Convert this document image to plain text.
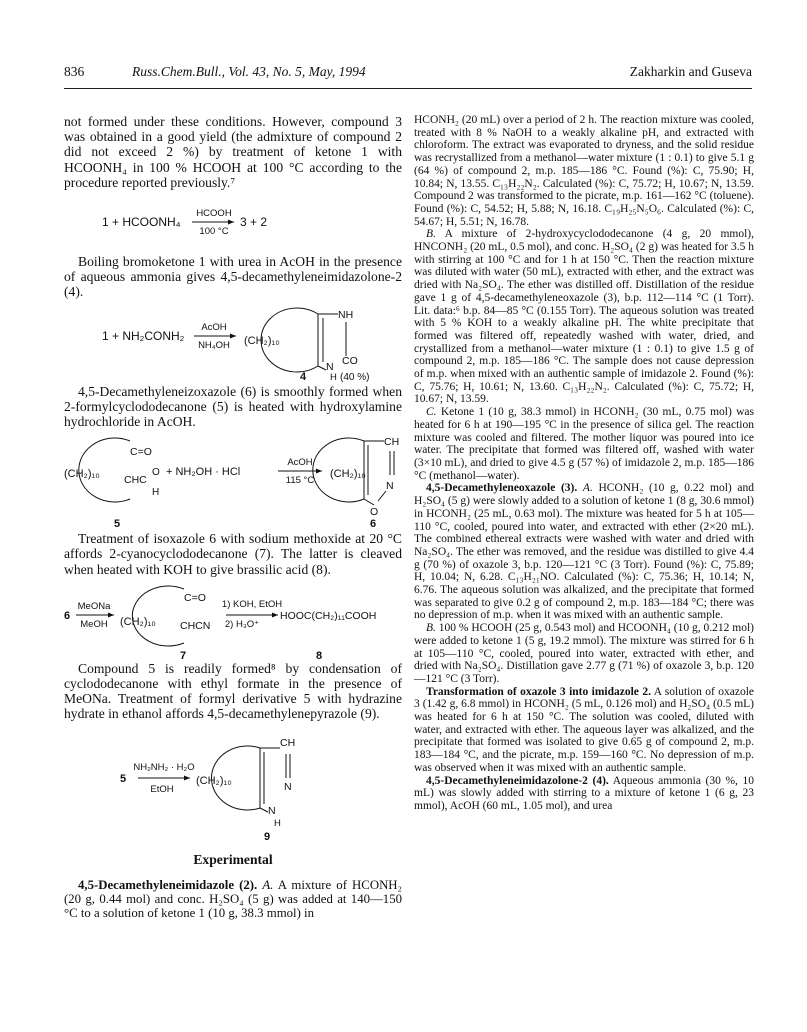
836	Russ.Chem.Bull., Vol. 43, No. 5, May, 1994	Zakharkin and Guseva

not formed under these conditions. However, compound 3 was obtained in a good yield (the admixture of compound 2 did not exceed 2 %) by treatment of ketone 1 with HCOONH₄ in 100 % HCOOH at 100 °C according to the procedure reported previously.⁷

1 + HCOONH₄
HCOOH
100 °C
3 + 2

Boiling bromoketone 1 with urea in AcOH in the presence of aqueous ammonia gives 4,5-decamethyleneimidazolone-2 (4).

1 + NH₂CONH₂
AcOH
NH₄OH (CH₂)₁₀
NH
N CO
H
4	(40 %)

4,5-Decamethyleneizoxazole (6) is smoothly formed when 2-formylcyclododecanone (5) is heated with hydroxylamine hydrochloride in AcOH.

(CH₂)₁₀
C=O
CHC
O
H
+ NH₂OH · HCl
AcOH
115 °C
(CH₂)₁₀
CH
N
O
5	6

Treatment of isoxazole 6 with sodium methoxide at 20 °C affords 2-cyanocyclododecanone (7). The latter is cleaved when heated with KOH to give brassilic acid (8).

6
MeONa
MeOH (CH₂)₁₀
C=O
CHCN
1) KOH, EtOH
2) H₃O⁺
HOOC(CH₂)₁₁COOH
7	8

Compound 5 is readily formed⁸ by condensation of cyclododecanone with ethyl formate in the presence of MeONa. Treatment of formyl derivative 5 with hydrazine hydrate in ethanol affords 4,5-decamethylenepyrazole (9).

5
NH₂NH₂ · H₂O
EtOH
(CH₂)₁₀
CH
N
N
H
9

Experimental

4,5-Decamethyleneimidazole (2). A. A mixture of HCONH₂ (20 g, 0.44 mol) and conc. H₂SO₄ (5 g) was added at 140—150 °C to a solution of ketone 1 (10 g, 38.3 mmol) in

HCONH₂ (20 mL) over a period of 2 h. The reaction mixture was cooled, treated with 8 % NaOH to a weakly alkaline pH, and extracted with chloroform. The extract was evaporated to dryness, and the solid residue was recrystallized from a methanol—water mixture (1 : 0.1) to give 5.1 g (64 %) of compound 2, m.p. 185—186 °C. Found (%): C, 75.90; H, 10.84; N, 13.55. C₁₃H₂₂N₂. Calculated (%): C, 75.72; H, 10.67; N, 13.59. Compound 2 was transformed to the picrate, m.p. 161—162 °C (toluene). Found (%): C, 54.52; H, 5.88; N, 16.18. C₁₉H₂₅N₅O₆. Calculated (%): C, 54.67; H, 5.51; N, 16.78.

B. A mixture of 2-hydroxycyclododecanone (4 g, 20 mmol), HNCONH₂ (20 mL, 0.5 mol), and conc. H₂SO₄ (2 g) was heated for 3.5 h with stirring at 100 °C and for 1 h at 150 °C. Then the reaction mixture was diluted with water (50 mL), extracted with ether, and the extract was dried with Na₂SO₄. The ether was distilled off. Distillation of the residue gave 1 g of 4,5-decamethyleneoxazole (3), b.p. 112—114 °C (1 Torr). Lit. data:⁶ b.p. 84—85 °C (0.155 Torr). The aqueous solution was treated with 5 % KOH to a weakly alkaline pH. The white precipitate that formed was filtered off, repeatedly washed with water, dried, and crystallized from a methanol—water mixture (1 : 0.1) to give 1.5 g of compound 2, m.p. 185—186 °C. The sample does not cause depression of m.p. when mixed with an authentic sample of imidazole 2. Found (%): C, 75.76; H, 10.61; N, 13.60. C₁₃H₂₂N₂. Calculated (%): C, 75.72; H, 10.67; N, 13.59.

C. Ketone 1 (10 g, 38.3 mmol) in HCONH₂ (30 mL, 0.75 mol) was heated for 6 h at 190—195 °C in the presence of silica gel. The reaction mixture was cooled and filtered. The mother liquor was poured into ice water. The precipitate that formed was filtered off, washed with water (3×10 mL), and dried to give 4.5 g (57 %) of imidazole 2, m.p. 185—186 °C (methanol—water).

4,5-Decamethyleneoxazole (3). A. HCONH₂ (10 g, 0.22 mol) and H₂SO₄ (5 g) were slowly added to a solution of ketone 1 (8 g, 30.6 mmol) in HCONH₂ (25 mL, 0.63 mol). The mixture was heated for 5 h at 105—110 °C, cooled, poured into water, and extracted with ether (2×20 mL). The combined ethereal extracts were washed with water and dried with Na₂SO₄. The ether was removed, and the residue was distilled to give 4.4 g (70 %) of oxazole 3, b.p. 120—121 °C (3 Torr). Found (%): C, 75.89; H, 10.04; N, 6.28. C₁₃H₂₁NO. Calculated (%): C, 75.36; H, 10.14; N, 6.76. The aqueous solution was alkalized, and the precipitate that formed was separated to give 0.2 g of compound 2, m.p. 183—184 °C; there was no depression of m.p. when it was mixed with an authentic sample.

B. 100 % HCOOH (25 g, 0.543 mol) and HCOONH₄ (10 g, 0.212 mol) were added to ketone 1 (5 g, 19.2 mmol). The mixture was stirred for 6 h at 105—110 °C, cooled, poured into water, extracted with ether, and dried with Na₂SO₄. Distillation gave 2.77 g (71 %) of oxazole 3, b.p. 120—121 °C (3 Torr).

Transformation of oxazole 3 into imidazole 2. A solution of oxazole 3 (1.42 g, 6.8 mmol) in HCONH₂ (5 mL, 0.126 mol) and H₂SO₄ (0.5 mL) was heated for 6 h at 150 °C. The solution was cooled, diluted with water, and extracted with ether. The aqueous layer was alkalized, and the precipitate that formed was isolated to give 0.65 g of compound 2, m.p. 183—184 °C, and the picrate, m.p. 159—160 °C. No depression of m.p. was observed when it was mixed with an authentic sample.

4,5-Decamethyleneimidazolone-2 (4). Aqueous ammonia (30 %, 10 mL) was slowly added with stirring to a mixture of ketone 1 (6 g, 23 mmol), AcOH (60 mL, 1.05 mol), and urea
